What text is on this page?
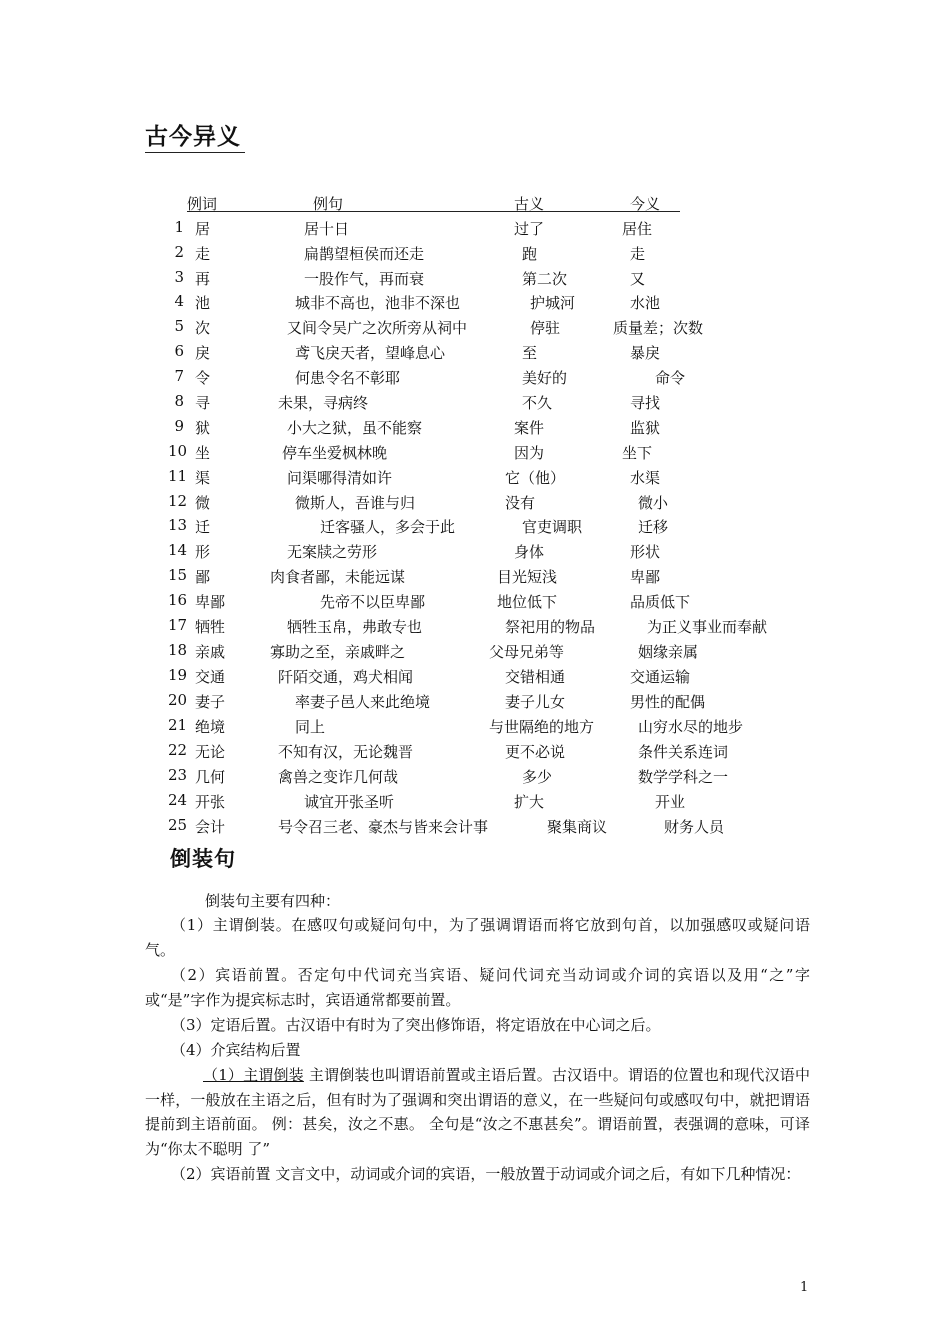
古今异义
例词	例句	古义	今义
1 居	居十日	过了	居住
2 走	扁鹊望桓侯而还走	跑	走
3 再	一股作气，再而衰	第二次	又
4 池	城非不高也，池非不深也	护城河	水池
5 次	又间令吴广之次所旁从祠中	停驻	质量差；次数
6 戾	鸢飞戾天者，望峰息心	至	暴戾
7 令	何患令名不彰耶	美好的	命令
8 寻	未果，寻病终	不久	寻找
9 狱	小大之狱，虽不能察	案件	监狱
10 坐	停车坐爱枫林晚	因为	坐下
11 渠	问渠哪得清如许	它（他）	水渠
12 微	微斯人，吾谁与归	没有	微小
13 迁	迁客骚人，多会于此	官吏调职	迁移
14 形	无案牍之劳形	身体	形状
15 鄙	肉食者鄙，未能远谋	目光短浅	卑鄙
16 卑鄙	先帝不以臣卑鄙	地位低下	品质低下
17 牺牲	牺牲玉帛，弗敢专也	祭祀用的物品	为正义事业而奉献
18 亲戚	寡助之至，亲戚畔之	父母兄弟等	姻缘亲属
19 交通	阡陌交通，鸡犬相闻	交错相通	交通运输
20 妻子	率妻子邑人来此绝境	妻子儿女	男性的配偶
21 绝境	同上	与世隔绝的地方	山穷水尽的地步
22 无论	不知有汉，无论魏晋	更不必说	条件关系连词
23 几何	禽兽之变诈几何哉	多少	数学学科之一
24 开张	诚宜开张圣听	扩大	开业
25 会计	号令召三老、豪杰与皆来会计事	聚集商议	财务人员
倒装句

倒装句主要有四种：

（1）主谓倒装。在感叹句或疑问句中，为了强调谓语而将它放到句首，以加强感叹或疑问语气。

（2）宾语前置。否定句中代词充当宾语、疑问代词充当动词或介词的宾语以及用“之”字或“是”字作为提宾标志时，宾语通常都要前置。

（3）定语后置。古汉语中有时为了突出修饰语，将定语放在中心词之后。

（4）介宾结构后置

（1）主谓倒装 主谓倒装也叫谓语前置或主语后置。古汉语中。谓语的位置也和现代汉语中一样，一般放在主语之后，但有时为了强调和突出谓语的意义，在一些疑问句或感叹句中，就把谓语提前到主语前面。 例：甚矣，汝之不惠。 全句是“汝之不惠甚矣”。谓语前置，表强调的意味，可译为“你太不聪明 了”

（2）宾语前置 文言文中，动词或介词的宾语，一般放置于动词或介词之后，有如下几种情况：

1
